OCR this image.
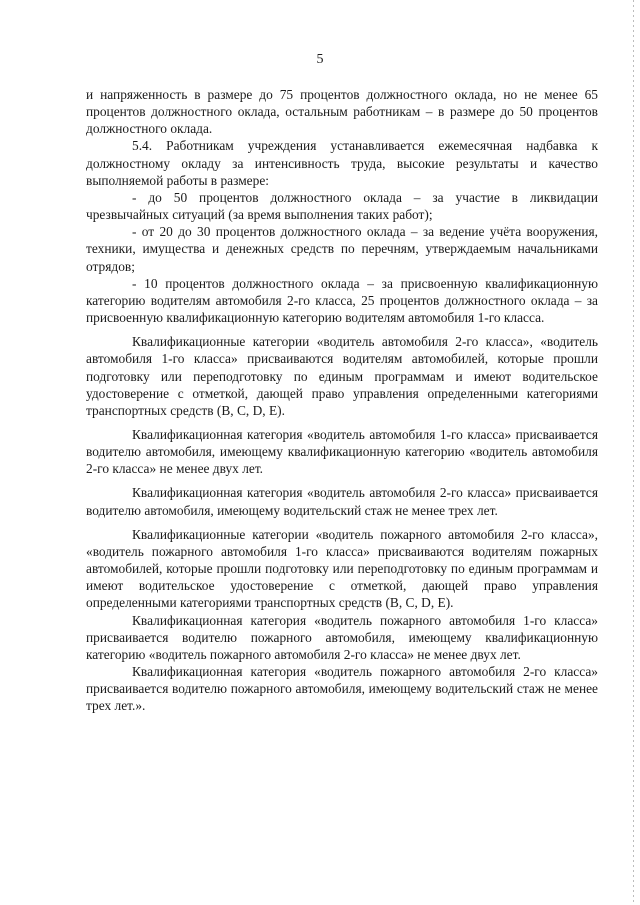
5

и напряженность в размере до 75 процентов должностного оклада, но не менее 65 процентов должностного оклада, остальным работникам – в размере до 50 процентов должностного оклада.

5.4. Работникам учреждения устанавливается ежемесячная надбавка к должностному окладу за интенсивность труда, высокие результаты и качество выполняемой работы в размере:

- до 50 процентов должностного оклада – за участие в ликвидации чрезвычайных ситуаций (за время выполнения таких работ);

- от 20 до 30 процентов должностного оклада – за ведение учёта вооружения, техники, имущества и денежных средств по перечням, утверждаемым начальниками отрядов;

- 10 процентов должностного оклада – за присвоенную квалификационную категорию водителям автомобиля 2-го класса, 25 процентов должностного оклада – за присвоенную квалификационную категорию водителям автомобиля 1-го класса.

Квалификационные категории «водитель автомобиля 2-го класса», «водитель автомобиля 1-го класса» присваиваются водителям автомобилей, которые прошли подготовку или переподготовку по единым программам и имеют водительское удостоверение с отметкой, дающей право управления определенными категориями транспортных средств (B, C, D, E).

Квалификационная категория «водитель автомобиля 1-го класса» присваивается водителю автомобиля, имеющему квалификационную категорию «водитель автомобиля 2-го класса» не менее двух лет.

Квалификационная категория «водитель автомобиля 2-го класса» присваивается водителю автомобиля, имеющему водительский стаж не менее трех лет.

Квалификационные категории «водитель пожарного автомобиля 2-го класса», «водитель пожарного автомобиля 1-го класса» присваиваются водителям пожарных автомобилей, которые прошли подготовку или переподготовку по единым программам и имеют водительское удостоверение с отметкой, дающей право управления определенными категориями транспортных средств (B, C, D, E).

Квалификационная категория «водитель пожарного автомобиля 1-го класса» присваивается водителю пожарного автомобиля, имеющему квалификационную категорию «водитель пожарного автомобиля 2-го класса» не менее двух лет.

Квалификационная категория «водитель пожарного автомобиля 2-го класса» присваивается водителю пожарного автомобиля, имеющему водительский стаж не менее трех лет.».
